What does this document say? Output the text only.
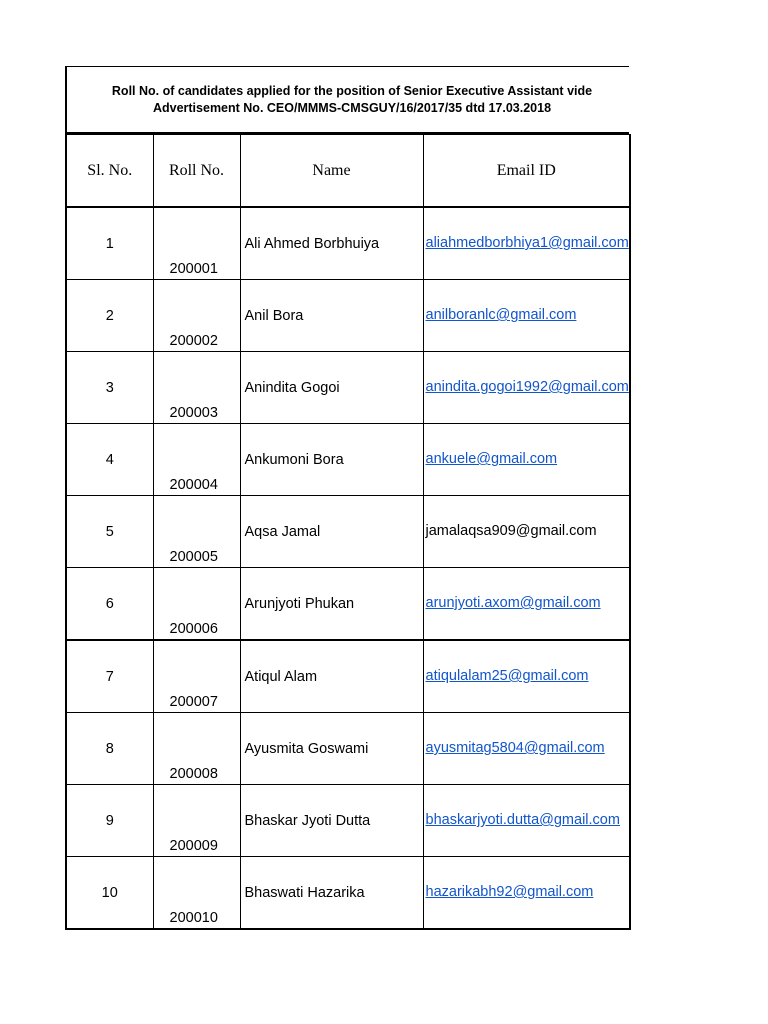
Roll No. of candidates applied for the position of Senior Executive Assistant vide
Advertisement No. CEO/MMMS-CMSGUY/16/2017/35 dtd 17.03.2018
Sl. No.	Roll No.	Name	Email ID
1	200001	Ali Ahmed Borbhuiya	aliahmedborbhiya1@gmail.com
2	200002	Anil Bora	anilboranlc@gmail.com
3	200003	Anindita Gogoi	anindita.gogoi1992@gmail.com
4	200004	Ankumoni Bora	ankuele@gmail.com
5	200005	Aqsa Jamal	jamalaqsa909@gmail.com
6	200006	Arunjyoti Phukan	arunjyoti.axom@gmail.com
7	200007	Atiqul Alam	atiqulalam25@gmail.com
8	200008	Ayusmita Goswami	ayusmitag5804@gmail.com
9	200009	Bhaskar Jyoti Dutta	bhaskarjyoti.dutta@gmail.com
10	200010	Bhaswati Hazarika	hazarikabh92@gmail.com
